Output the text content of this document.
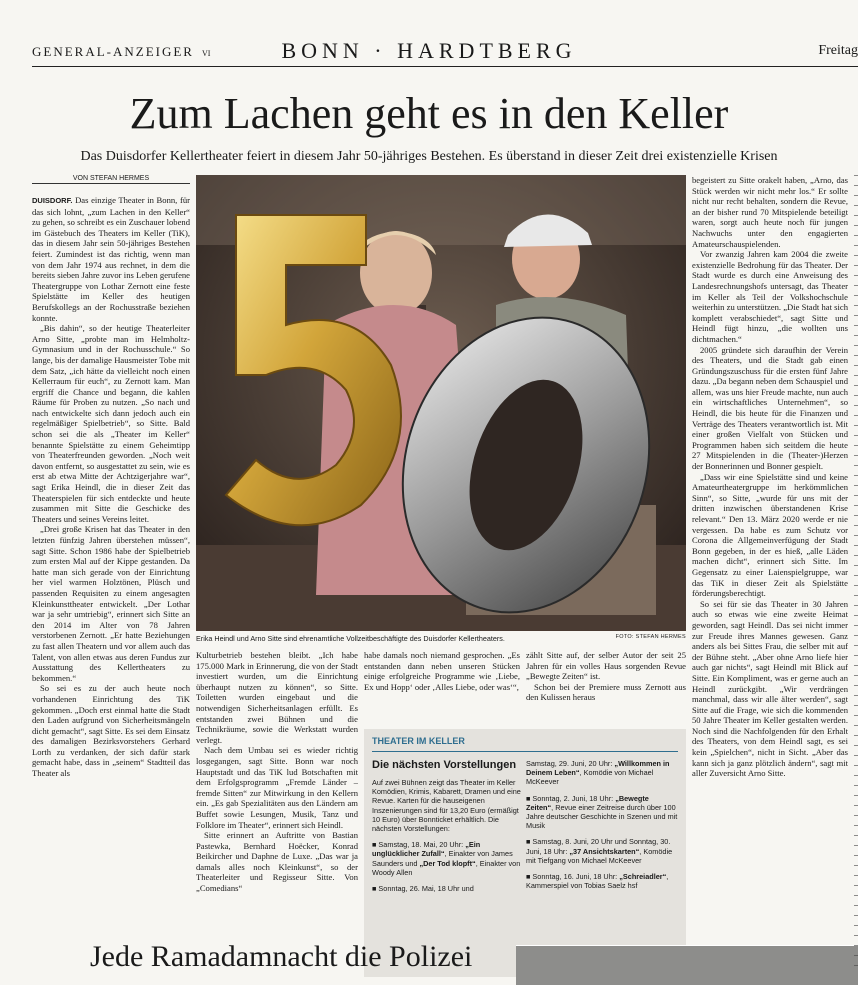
GENERAL-ANZEIGER VI	BONN · HARDTBERG	Freitag
Zum Lachen geht es in den Keller
Das Duisdorfer Kellertheater feiert in diesem Jahr 50-jähriges Bestehen. Es überstand in dieser Zeit drei existenzielle Krisen
VON STEFAN HERMES

DUISDORF. Das einzige Theater in Bonn, für das sich lohnt, „zum Lachen in den Keller“ zu gehen, so schreibt es ein Zuschauer lobend im Gästebuch des Theaters im Keller (TiK), das in diesem Jahr sein 50-jähriges Bestehen feiert. Zumindest ist das richtig, wenn man von dem Jahr 1974 aus rechnet, in dem die bereits sieben Jahre zuvor ins Leben gerufene Theatergruppe von Lothar Zernott eine feste Spielstätte im Keller des heutigen Berufskollegs an der Rochusstraße beziehen konnte.

„Bis dahin“, so der heutige Theaterleiter Arno Sitte, „probte man im Helmholtz-Gymnasium und in der Rochusschule.“ So lange, bis der damalige Hausmeister Tobe mit dem Satz, „ich hätte da vielleicht noch einen Kellerraum für euch“, zu Zernott kam. Man ergriff die Chance und begann, die kahlen Räume für Proben zu nutzen. „So nach und nach entwickelte sich dann jedoch auch ein regelmäßiger Spielbetrieb“, so Sitte. Bald schon sei die als „Theater im Keller“ benannte Spielstätte zu einem Geheimtipp von Theaterfreunden geworden. „Noch weit davon entfernt, so ausgestattet zu sein, wie es erst ab etwa Mitte der Achtzigerjahre war“, sagt Erika Heindl, die in dieser Zeit das Theaterspielen für sich entdeckte und heute zusammen mit Sitte die Geschicke des Theaters und seines Vereins leitet.

„Drei große Krisen hat das Theater in den letzten fünfzig Jahren überstehen müssen“, sagt Sitte. Schon 1986 habe der Spielbetrieb zum ersten Mal auf der Kippe gestanden. Da hatte man sich gerade von der Einrichtung her viel warmen Holztönen, Plüsch und passenden Requisiten zu einem angesagten Kleinkunsttheater entwickelt. „Der Lothar war ja sehr umtriebig“, erinnert sich Sitte an den 2014 im Alter von 78 Jahren verstorbenen Zernott. „Er hatte Beziehungen zu fast allen Theatern und vor allem auch das Talent, von allen etwas aus deren Fundus zur Ausstattung des Kellertheaters zu bekommen.“

So sei es zu der auch heute noch vorhandenen Einrichtung des TiK gekommen. „Doch erst einmal hatte die Stadt den Laden aufgrund von Sicherheitsmängeln dicht gemacht“, sagt Sitte. Es sei dem Einsatz des damaligen Bezirksvorstehers Gerhard Lorth zu verdanken, der sich dafür stark gemacht habe, dass in „seinem“ Stadtteil das Theater als

Erika Heindl und Arno Sitte sind ehrenamtliche Vollzeitbeschäftigte des Duisdorfer Kellertheaters.	FOTO: STEFAN HERMES

Kulturbetrieb bestehen bleibt. „Ich habe 175.000 Mark in Erinnerung, die von der Stadt investiert wurden, um die Einrichtung überhaupt nutzen zu können“, so Sitte. Toiletten wurden eingebaut und die notwendigen Sicherheitsanlagen erfüllt. Es entstanden zwei Bühnen und die Technikräume, sowie die Werkstatt wurden verlegt.

Nach dem Umbau sei es wieder richtig losgegangen, sagt Sitte. Bonn war noch Hauptstadt und das TiK lud Botschaften mit dem Erfolgsprogramm „Fremde Länder – fremde Sitten“ zur Mitwirkung in den Kellern ein. „Es gab Spezialitäten aus den Ländern am Buffet sowie Lesungen, Musik, Tanz und Folklore im Theater“, erinnert sich Heindl.

Sitte erinnert an Auftritte von Bastian Pastewka, Bernhard Hoëcker, Konrad Beikircher und Daphne de Luxe. „Das war ja damals alles noch Kleinkunst“, so der Theaterleiter und Regisseur Sitte. Von „Comedians“

habe damals noch niemand gesprochen. „Es entstanden dann neben unseren Stücken einige erfolgreiche Programme wie ‚Liebe, Ex und Hopp‘ oder ‚Alles Liebe, oder was‘“,

zählt Sitte auf, der selber Autor der seit 25 Jahren für ein volles Haus sorgenden Revue „Bewegte Zeiten“ ist.

Schon bei der Premiere muss Zernott aus den Kulissen heraus

begeistert zu Sitte orakelt haben, „Arno, das Stück werden wir nicht mehr los.“ Er sollte nicht nur recht behalten, sondern die Revue, an der bisher rund 70 Mitspielende beteiligt waren, sorgt auch heute noch für jungen Nachwuchs unter den engagierten Amateurschauspielenden.

Vor zwanzig Jahren kam 2004 die zweite existenzielle Bedrohung für das Theater. Der Stadt wurde es durch eine Anweisung des Landesrechnungshofs untersagt, das Theater im Keller als Teil der Volkshochschule weiterhin zu unterstützen. „Die Stadt hat sich komplett verabschiedet“, sagt Sitte und Heindl fügt hinzu, „die wollten uns dichtmachen.“

2005 gründete sich daraufhin der Verein des Theaters, und die Stadt gab einen Gründungszuschuss für die ersten fünf Jahre dazu. „Da begann neben dem Schauspiel und allem, was uns hier Freude machte, nun auch ein wirtschaftliches Unternehmen“, so Heindl, die bis heute für die Finanzen und Verträge des Theaters verantwortlich ist. Mit einer großen Vielfalt von Stücken und Programmen haben sich seitdem die heute 27 Mitspielenden in die (Theater-)Herzen der Bonnerinnen und Bonner gespielt.

„Dass wir eine Spielstätte sind und keine Amateurtheatergruppe im herkömmlichen Sinn“, so Sitte, „wurde für uns mit der dritten inzwischen überstandenen Krise relevant.“ Den 13. März 2020 werde er nie vergessen. Da habe es zum Schutz vor Corona die Allgemeinverfügung der Stadt Bonn gegeben, in der es hieß, „alle Läden machen dicht“, erinnert sich Sitte. Im Gegensatz zu einer Laienspielgruppe, war das TiK in dieser Zeit als Spielstätte förderungsberechtigt.

So sei für sie das Theater in 30 Jahren auch so etwas wie eine zweite Heimat geworden, sagt Heindl. Das sei nicht immer zur Freude ihres Mannes gewesen. Ganz anders als bei Sittes Frau, die selber mit auf der Bühne steht. „Aber ohne Arno liefe hier auch gar nichts“, sagt Heindl mit Blick auf Sitte. Ein Kompliment, was er gerne auch an Heindl zurückgibt. „Wir verdrängen manchmal, dass wir alle älter werden“, sagt Sitte auf die Frage, wie sich die kommenden 50 Jahre Theater im Keller gestalten werden. Noch sind die Nachfolgenden für den Erhalt des Theaters, von dem Heindl sagt, es sei kein „Spielchen“, nicht in Sicht. „Aber das kann sich ja ganz plötzlich ändern“, sagt mit aller Zuversicht Arno Sitte.

THEATER IM KELLER
Die nächsten Vorstellungen

Auf zwei Bühnen zeigt das Theater im Keller Komödien, Krimis, Kabarett, Dramen und eine Revue. Karten für die hauseigenen Inszenierungen sind für 13,20 Euro (ermäßigt 10 Euro) über Bonnticket erhältlich. Die nächsten Vorstellungen:

■ Samstag, 18. Mai, 20 Uhr: „Ein unglücklicher Zufall“, Einakter von James Saunders und „Der Tod klopft“, Einakter von Woody Allen

■ Sonntag, 26. Mai, 18 Uhr und

Samstag, 29. Juni, 20 Uhr: „Willkommen in Deinem Leben“, Komödie von Michael McKeever

■ Sonntag, 2. Juni, 18 Uhr: „Bewegte Zeiten“, Revue einer Zeitreise durch über 100 Jahre deutscher Geschichte in Szenen und mit Musik

■ Samstag, 8. Juni, 20 Uhr und Sonntag, 30. Juni, 18 Uhr: „37 Ansichtskarten“, Komödie mit Tiefgang von Michael McKeever

■ Sonntag, 16. Juni, 18 Uhr: „Schreiadler“, Kammerspiel von Tobias Saelz hsf

Jede Ramadamnacht die Polizei
